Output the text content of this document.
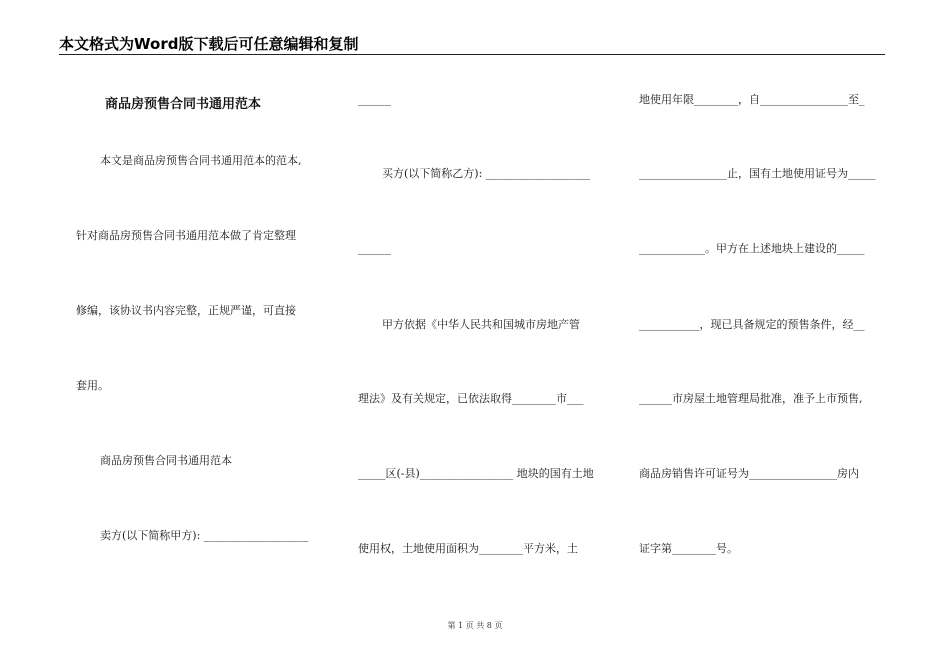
本文格式为Word版下载后可任意编辑和复制
商品房预售合同书通用范本
本文是商品房预售合同书通用范本的范本,
针对商品房预售合同书通用范本做了肯定整理
修编，该协议书内容完整，正规严谨，可直接
套用。
商品房预售合同书通用范本
卖方(以下简称甲方): ___________________
______
买方(以下简称乙方): ___________________
______
甲方依据《中华人民共和国城市房地产管
理法》及有关规定，已依法取得________市___
_____区(-县)_________________ 地块的国有土地
使用权，土地使用面积为________平方米，土
地使用年限________，自________________至_
________________止，国有土地使用证号为_____
____________。甲方在上述地块上建设的_____
___________，现已具备规定的预售条件，经__
______市房屋土地管理局批准，准予上市预售,
商品房销售许可证号为________________房内
证字第________号。
第 1 页 共 8 页
